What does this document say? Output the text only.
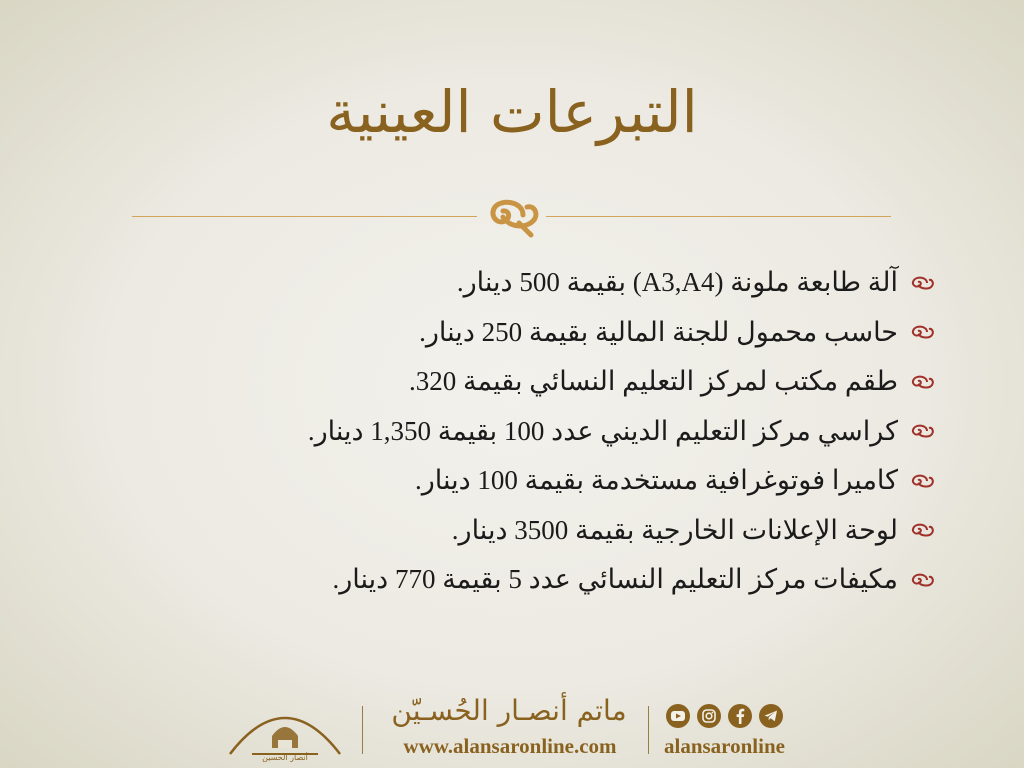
التبرعات العينية
آلة طابعة ملونة (A3,A4) بقيمة 500 دينار.
حاسب محمول للجنة المالية بقيمة 250 دينار.
طقم مكتب لمركز التعليم النسائي بقيمة 320.
كراسي مركز التعليم الديني عدد 100 بقيمة 1,350 دينار.
كاميرا فوتوغرافية مستخدمة بقيمة 100 دينار.
لوحة الإعلانات الخارجية بقيمة 3500 دينار.
مكيفات مركز التعليم النسائي عدد 5 بقيمة 770 دينار.
أنصار الحسين
ماتم أنصـار الحُسـيّن
www.alansaronline.com	alansaronline
